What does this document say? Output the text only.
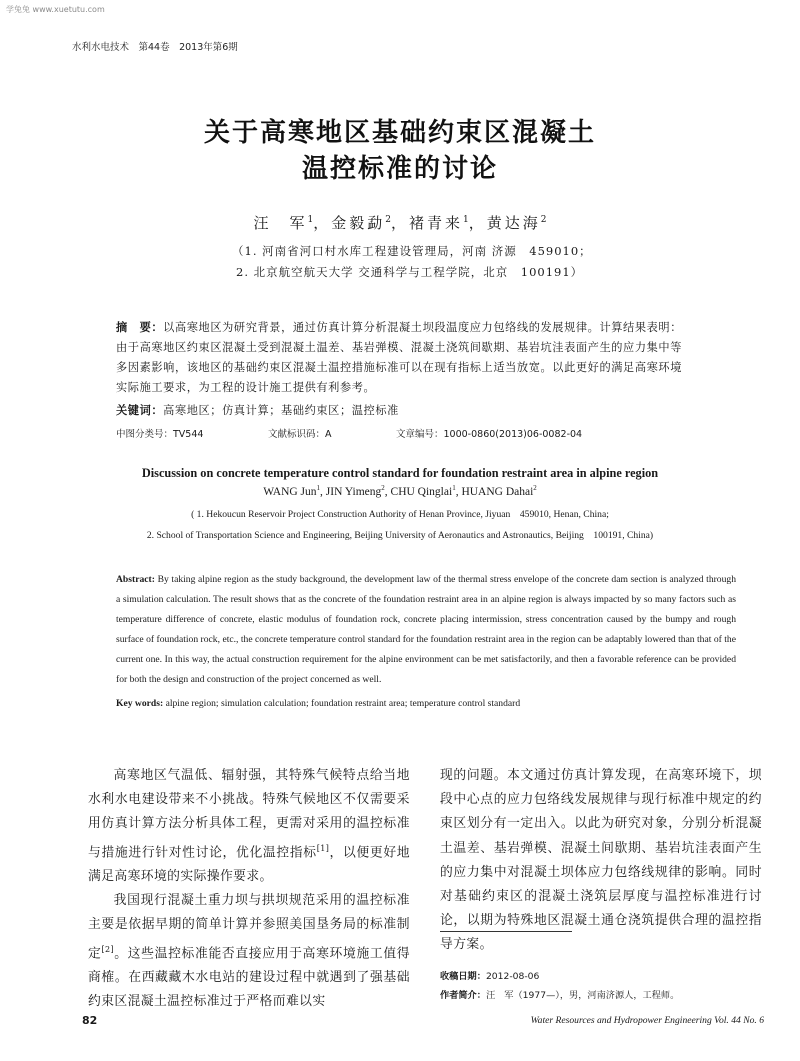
学兔兔 www.xuetutu.com
水利水电技术　第44卷　2013年第6期
关于高寒地区基础约束区混凝土
温控标准的讨论
汪　军$^1$，金毅勐$^2$，褚青来$^1$，黄达海$^2$
（1. 河南省河口村水库工程建设管理局，河南 济源　459010；
2. 北京航空航天大学 交通科学与工程学院，北京　100191）
摘　要：以高寒地区为研究背景，通过仿真计算分析混凝土坝段温度应力包络线的发展规律。计算结果表明：由于高寒地区约束区混凝土受到混凝土温差、基岩弹模、混凝土浇筑间歇期、基岩坑洼表面产生的应力集中等多因素影响，该地区的基础约束区混凝土温控措施标准可以在现有指标上适当放宽。以此更好的满足高寒环境实际施工要求，为工程的设计施工提供有利参考。
关键词：高寒地区；仿真计算；基础约束区；温控标准
中图分类号：TV544	文献标识码：A	文章编号：1000-0860(2013)06-0082-04
Discussion on concrete temperature control standard for foundation restraint area in alpine region
WANG Jun$^1$, JIN Yimeng$^2$, CHU Qinglai$^1$, HUANG Dahai$^2$
( 1. Hekoucun Reservoir Project Construction Authority of Henan Province, Jiyuan　459010, Henan, China;
2. School of Transportation Science and Engineering, Beijing University of Aeronautics and Astronautics, Beijing　100191, China)
Abstract: By taking alpine region as the study background, the development law of the thermal stress envelope of the concrete dam section is analyzed through a simulation calculation. The result shows that as the concrete of the foundation restraint area in an alpine region is always impacted by so many factors such as temperature difference of concrete, elastic modulus of foundation rock, concrete placing intermission, stress concentration caused by the bumpy and rough surface of foundation rock, etc., the concrete temperature control standard for the foundation restraint area in the region can be adaptably lowered than that of the current one. In this way, the actual construction requirement for the alpine environment can be met satisfactorily, and then a favorable reference can be provided for both the design and construction of the project concerned as well.
Key words: alpine region; simulation calculation; foundation restraint area; temperature control standard

高寒地区气温低、辐射强，其特殊气候特点给当地水利水电建设带来不小挑战。特殊气候地区不仅需要采用仿真计算方法分析具体工程，更需对采用的温控标准与措施进行针对性讨论，优化温控指标[1]，以便更好地满足高寒环境的实际操作要求。

我国现行混凝土重力坝与拱坝规范采用的温控标准主要是依据早期的简单计算并参照美国垦务局的标准制定[2]。这些温控标准能否直接应用于高寒环境施工值得商榷。在西藏藏木水电站的建设过程中就遇到了强基础约束区混凝土温控标准过于严格而难以实

现的问题。本文通过仿真计算发现，在高寒环境下，坝段中心点的应力包络线发展规律与现行标准中规定的约束区划分有一定出入。以此为研究对象，分别分析混凝土温差、基岩弹模、混凝土间歇期、基岩坑洼表面产生的应力集中对混凝土坝体应力包络线规律的影响。同时对基础约束区的混凝土浇筑层厚度与温控标准进行讨论，以期为特殊地区混凝土通仓浇筑提供合理的温控指导方案。

收稿日期：2012-08-06
作者简介：汪　军（1977—），男，河南济源人，工程师。
82	Water Resources and Hydropower Engineering Vol. 44 No. 6
